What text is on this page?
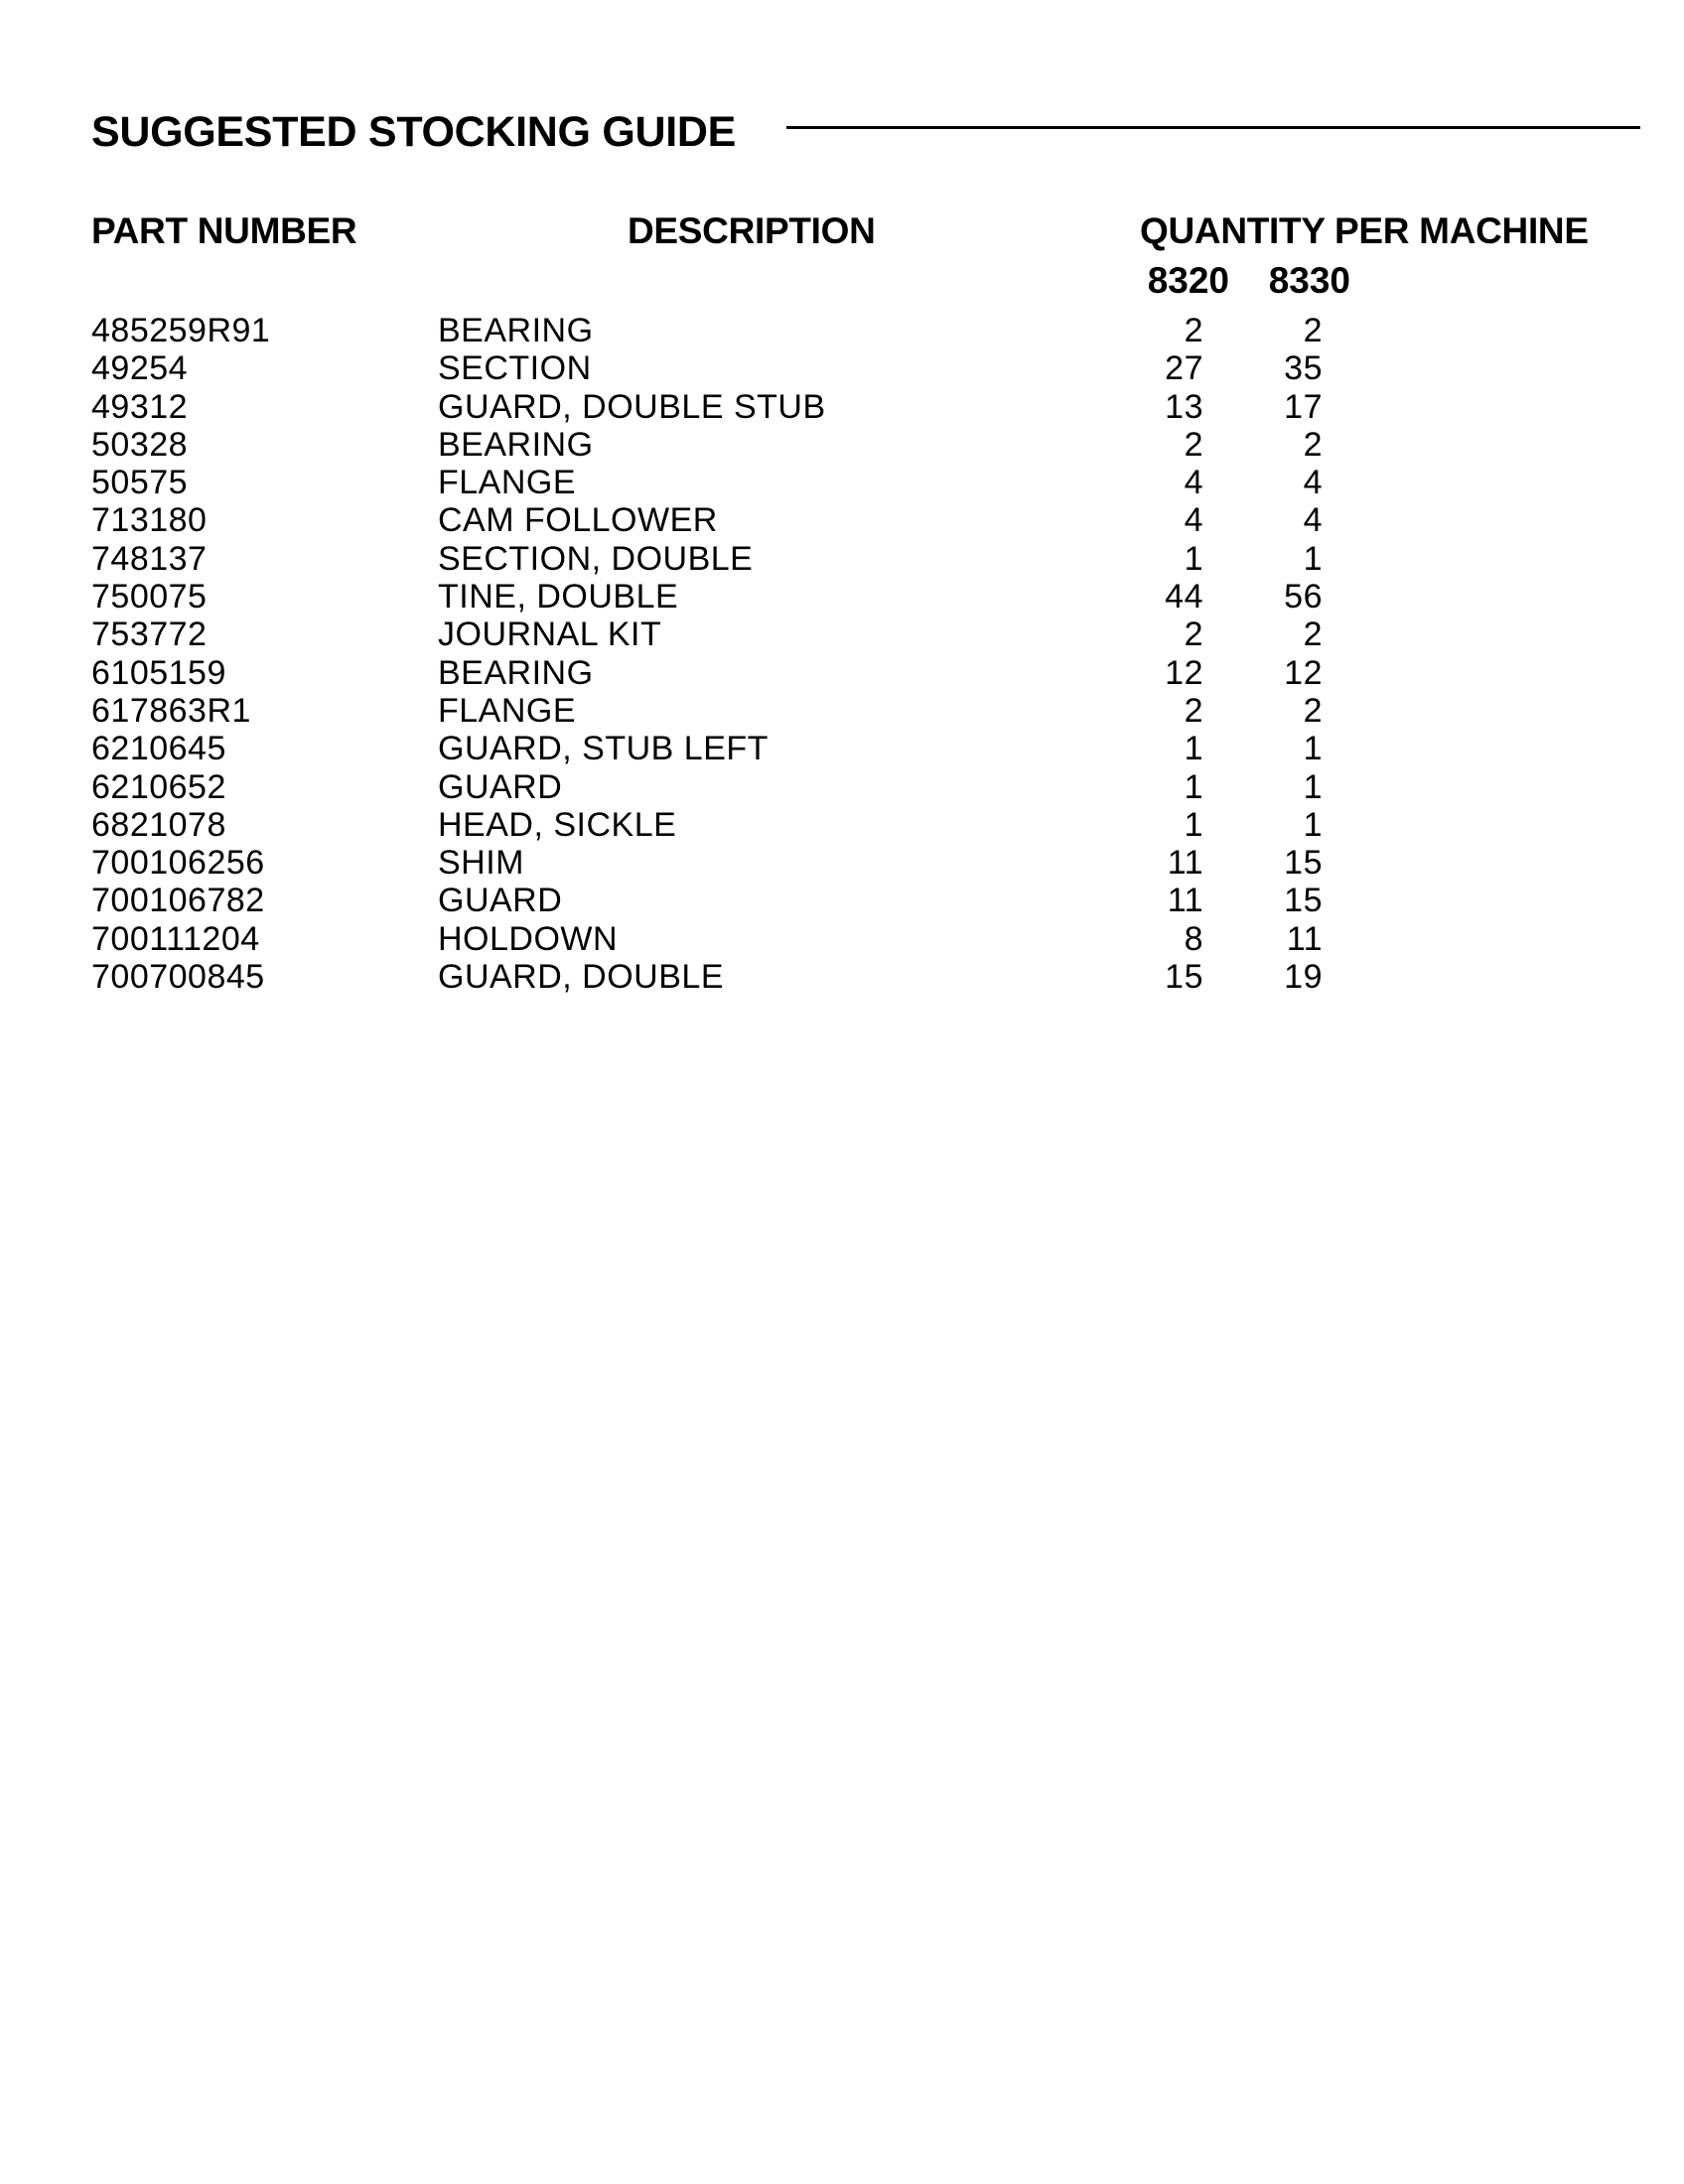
SUGGESTED STOCKING GUIDE
PART NUMBER	DESCRIPTION	QUANTITY PER MACHINE
8320	8330
485259R91	BEARING	2	2
49254	SECTION	27	35
49312	GUARD, DOUBLE STUB	13	17
50328	BEARING	2	2
50575	FLANGE	4	4
713180	CAM FOLLOWER	4	4
748137	SECTION, DOUBLE	1	1
750075	TINE, DOUBLE	44	56
753772	JOURNAL KIT	2	2
6105159	BEARING	12	12
617863R1	FLANGE	2	2
6210645	GUARD, STUB LEFT	1	1
6210652	GUARD	1	1
6821078	HEAD, SICKLE	1	1
700106256	SHIM	11	15
700106782	GUARD	11	15
700111204	HOLDOWN	8	11
700700845	GUARD, DOUBLE	15	19
